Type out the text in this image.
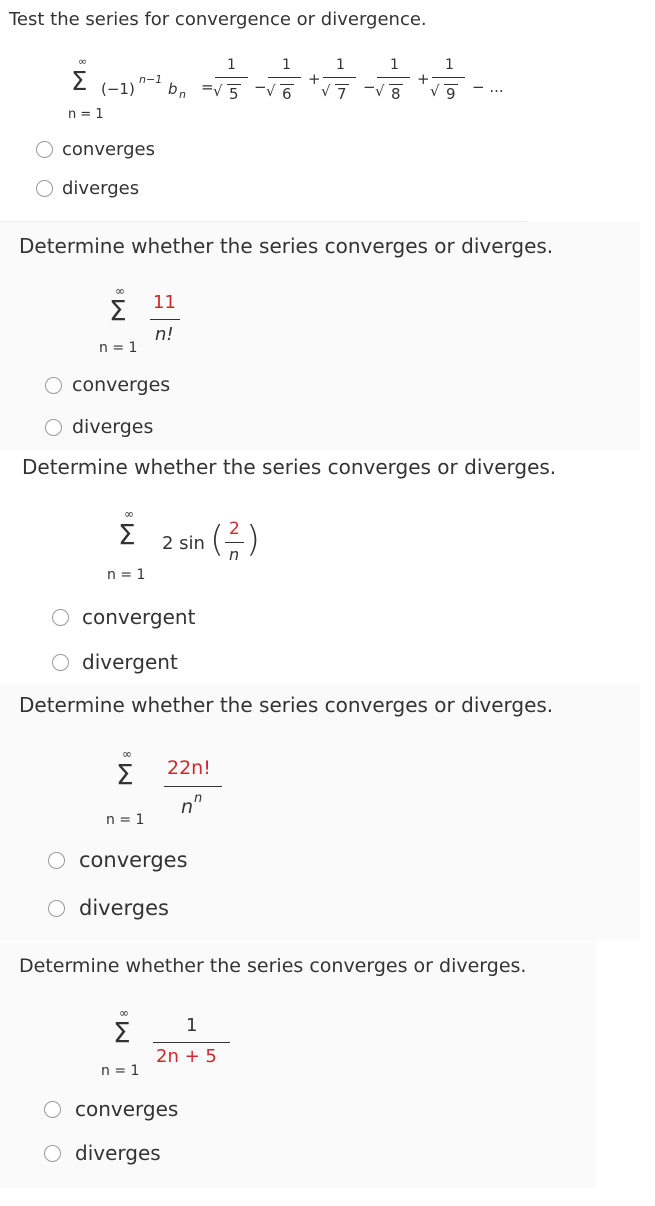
Test the series for convergence or divergence.
∞
Σ
n = 1
(−1)
n−1
b n =
1
√ 5 −
1
√ 6
+
1
√ 7 −
1
√ 8
+
1
√ 9 − ...
converges
diverges
Determine whether the series converges or diverges.
∞
Σ
n = 1
11
n!
converges
diverges
Determine whether the series converges or diverges.
∞
Σ
n = 1
2 sin ( 2
n )
convergent
divergent
Determine whether the series converges or diverges.
∞
Σ
n = 1
22n!
n n
converges
diverges
Determine whether the series converges or diverges.
∞
Σ
n = 1
1
2n + 5
converges
diverges
